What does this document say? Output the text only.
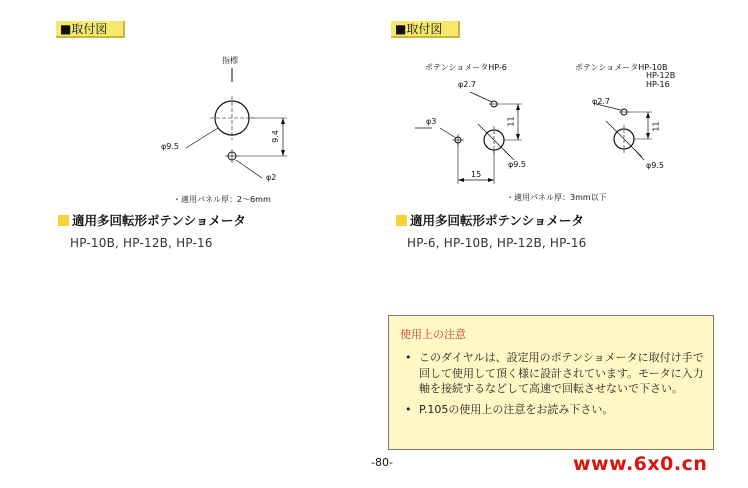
■取付図
指標
φ9.5
9.4
φ2
・適用パネル厚：2～6mm
適用多回転形ポテンショメータ
HP-10B, HP-12B, HP-16
■取付図
ポテンショメータHP-6	ポテンショメータHP-10B
HP-12B
HP-16
φ2.7
φ3	11
φ9.5
15
φ2.7
11
φ9.5
・適用パネル厚：3mm以下
適用多回転形ポテンショメータ
HP-6, HP-10B, HP-12B, HP-16
使用上の注意
• このダイヤルは、設定用のポテンショメータに取付け手で回して使用して頂く様に設計されています。モータに入力軸を接続するなどして高速で回転させないで下さい。
• P.105の使用上の注意をお読み下さい。
-80-	www.6x0.cn
